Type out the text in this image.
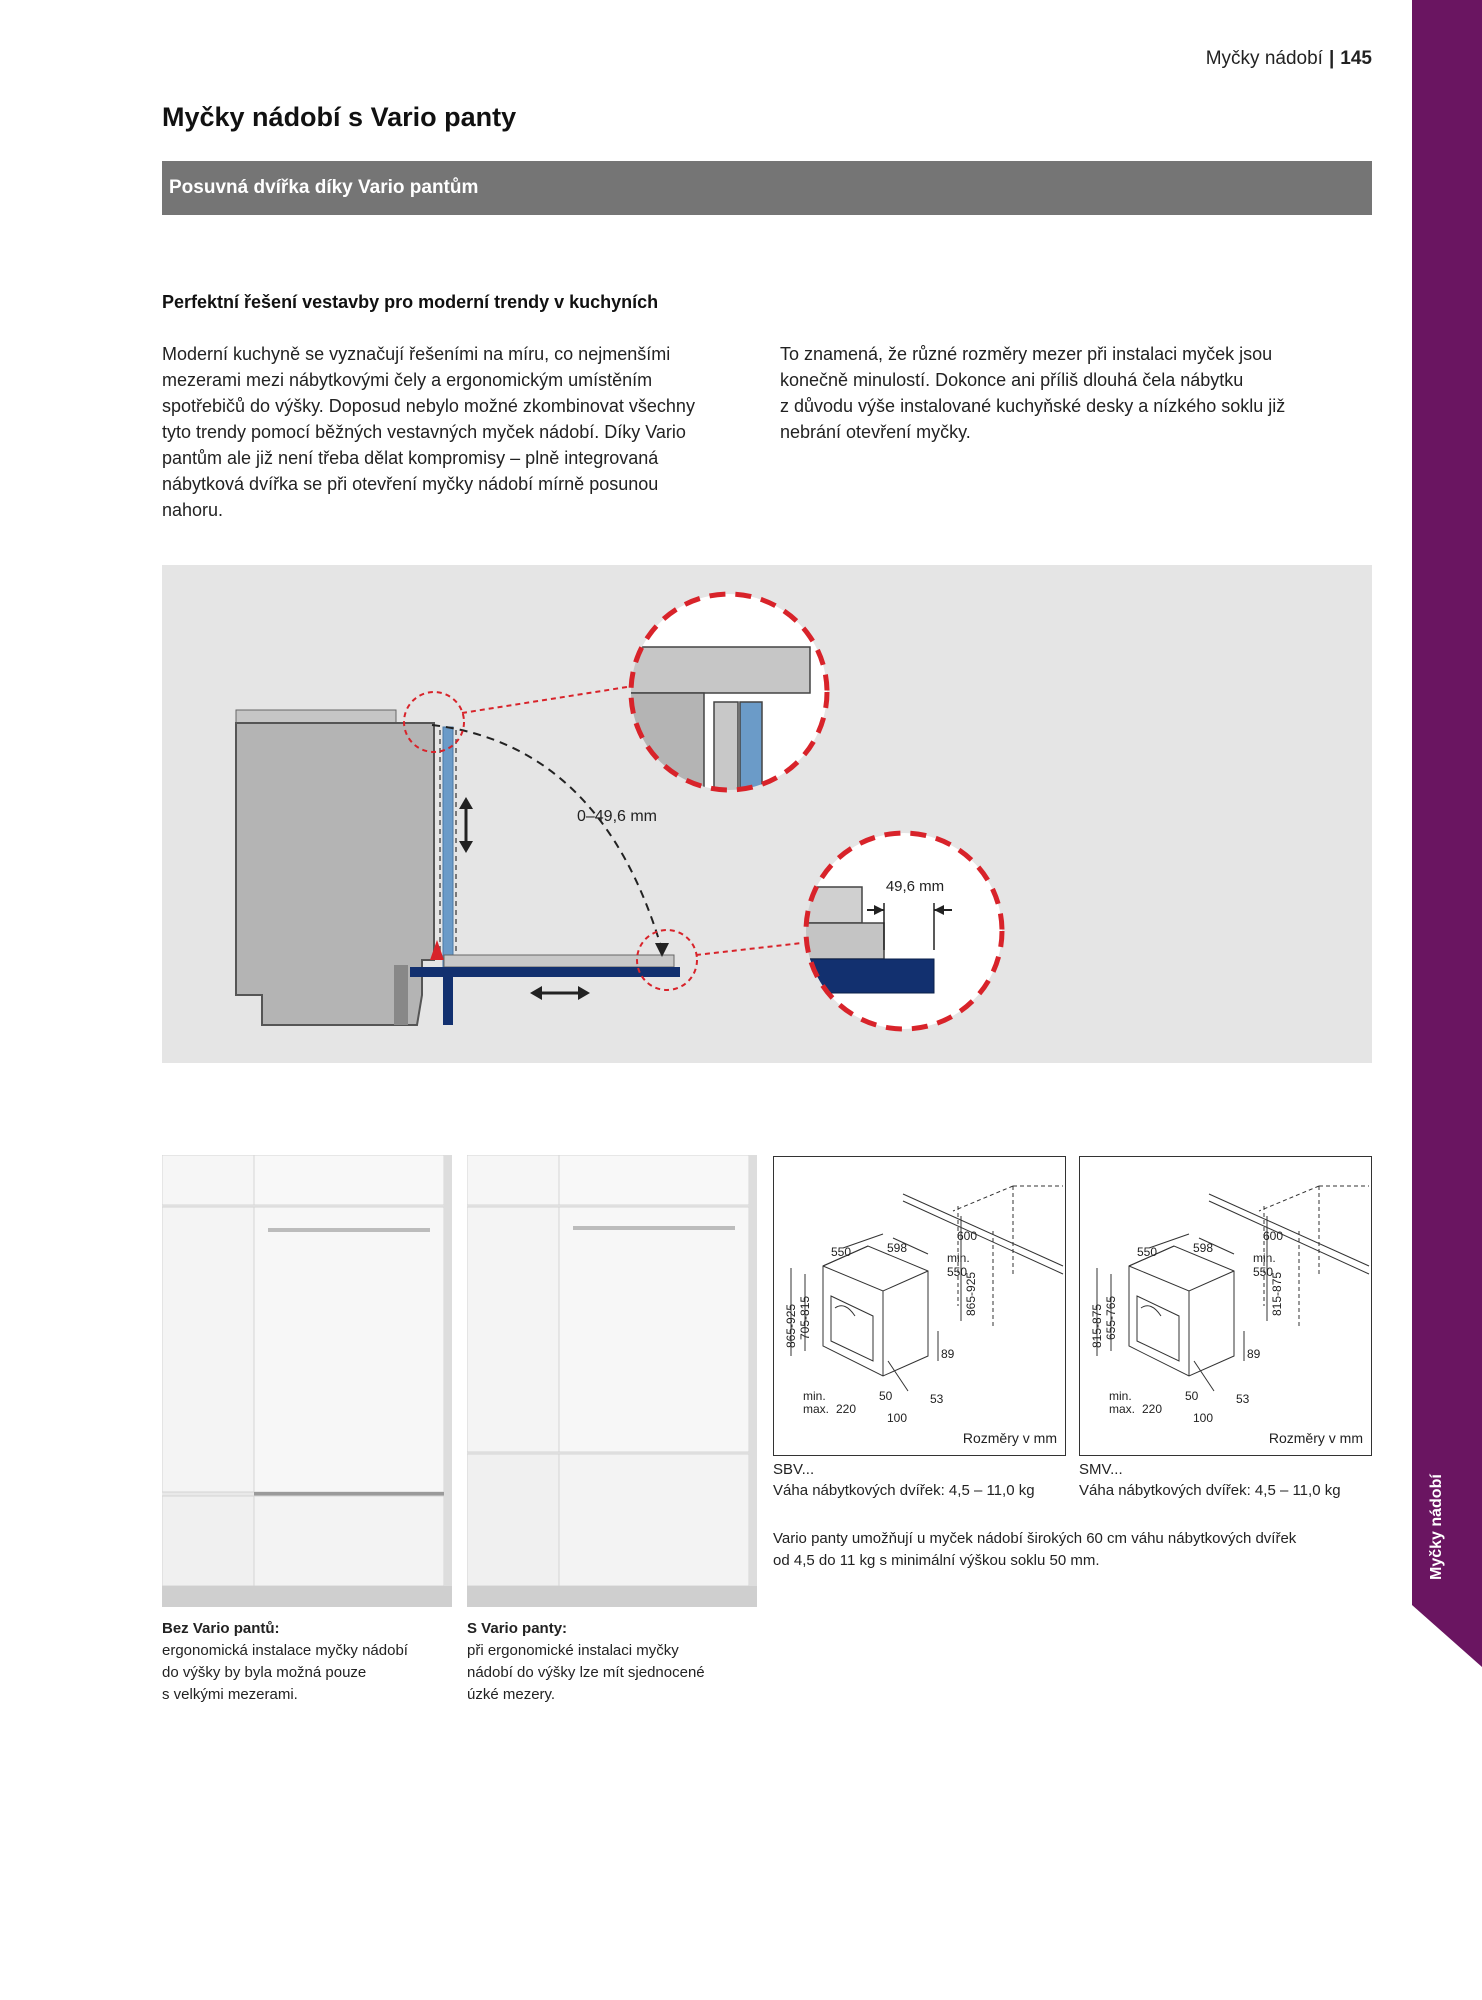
Myčky nádobí | 145
Myčky nádobí
Myčky nádobí s Vario panty
Posuvná dvířka díky Vario pantům
Perfektní řešení vestavby pro moderní trendy v kuchyních
Moderní kuchyně se vyznačují řešeními na míru, co nejmenšími
mezerami mezi nábytkovými čely a ergonomickým umístěním
spotřebičů do výšky. Doposud nebylo možné zkombinovat všechny
tyto trendy pomocí běžných vestavných myček nádobí. Díky Vario
pantům ale již není třeba dělat kompromisy – plně integrovaná
nábytková dvířka se při otevření myčky nádobí mírně posunou
nahoru.
To znamená, že různé rozměry mezer při instalaci myček jsou
konečně minulostí. Dokonce ani příliš dlouhá čela nábytku
z důvodu výše instalované kuchyňské desky a nízkého soklu již
nebrání otevření myčky.
0–49,6 mm
49,6 mm
Bez Vario pantů:
ergonomická instalace myčky nádobí
do výšky by byla možná pouze
s velkými mezerami.
S Vario panty:
při ergonomické instalaci myčky
nádobí do výšky lze mít sjednocené
úzké mezery.
550	598
600
min.
550
865-925 705-815
865-925
89
53
100
min.
max.
50
220
Rozměry v mm
SBV...
Váha nábytkových dvířek: 4,5 – 11,0 kg
550	598
600
min.
550
815-875 655-765
815-875
89
53
100
min.
max.
50
220
Rozměry v mm
SMV...
Váha nábytkových dvířek: 4,5 – 11,0 kg
Vario panty umožňují u myček nádobí širokých 60 cm váhu nábytkových dvířek
od 4,5 do 11 kg s minimální výškou soklu 50 mm.
